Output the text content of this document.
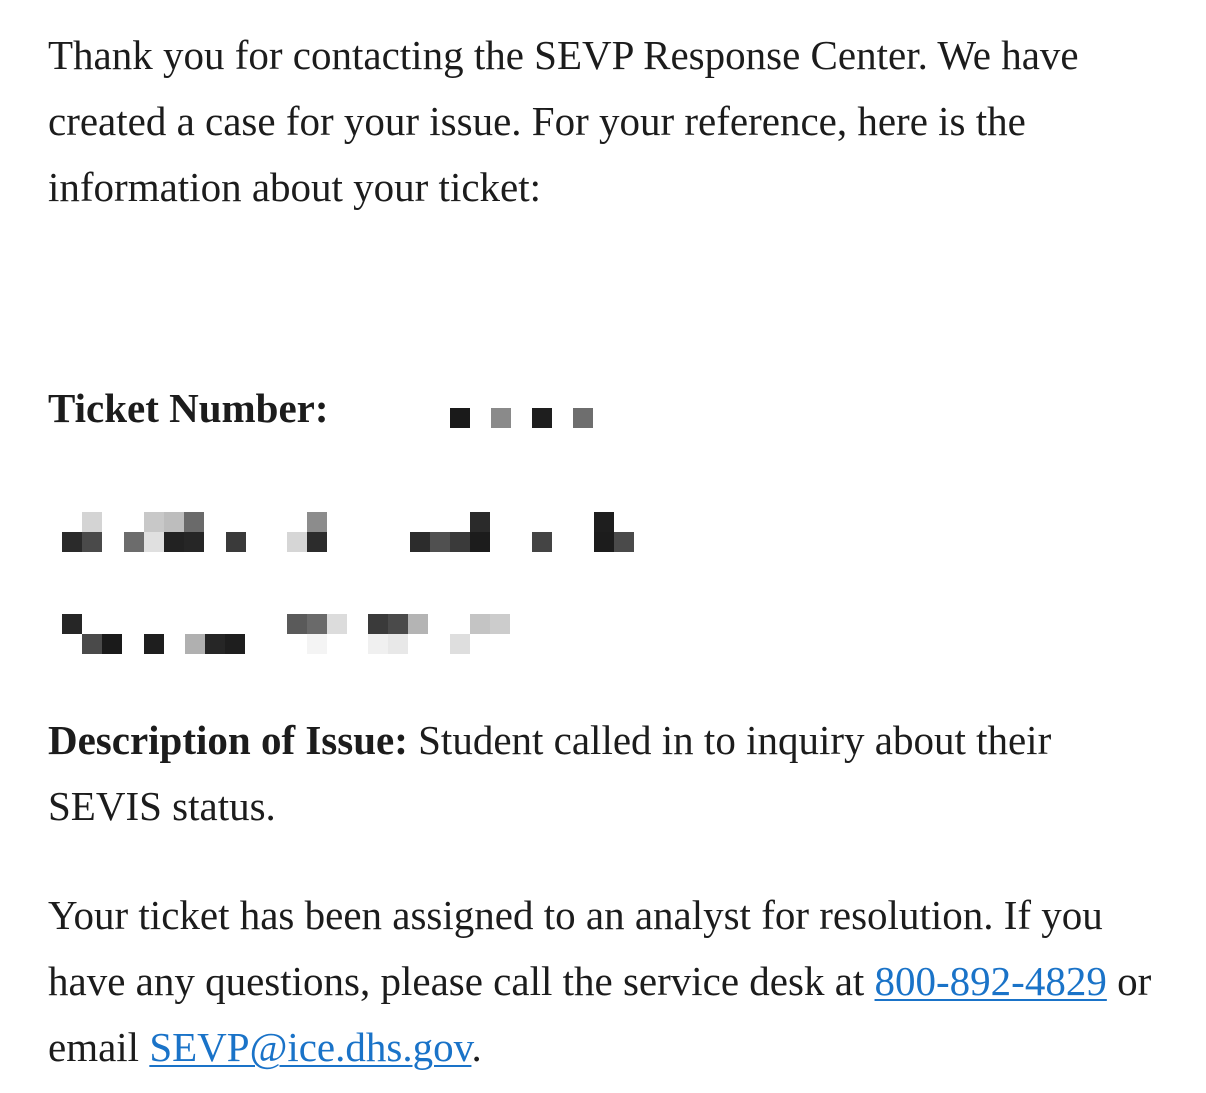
Thank you for contacting the SEVP Response Center. We have created a case for your issue. For your reference, here is the information about your ticket:

Ticket Number:

Description of Issue: Student called in to inquiry about their SEVIS status.

Your ticket has been assigned to an analyst for resolution. If you have any questions, please call the service desk at 800-892-4829 or email SEVP@ice.dhs.gov.
